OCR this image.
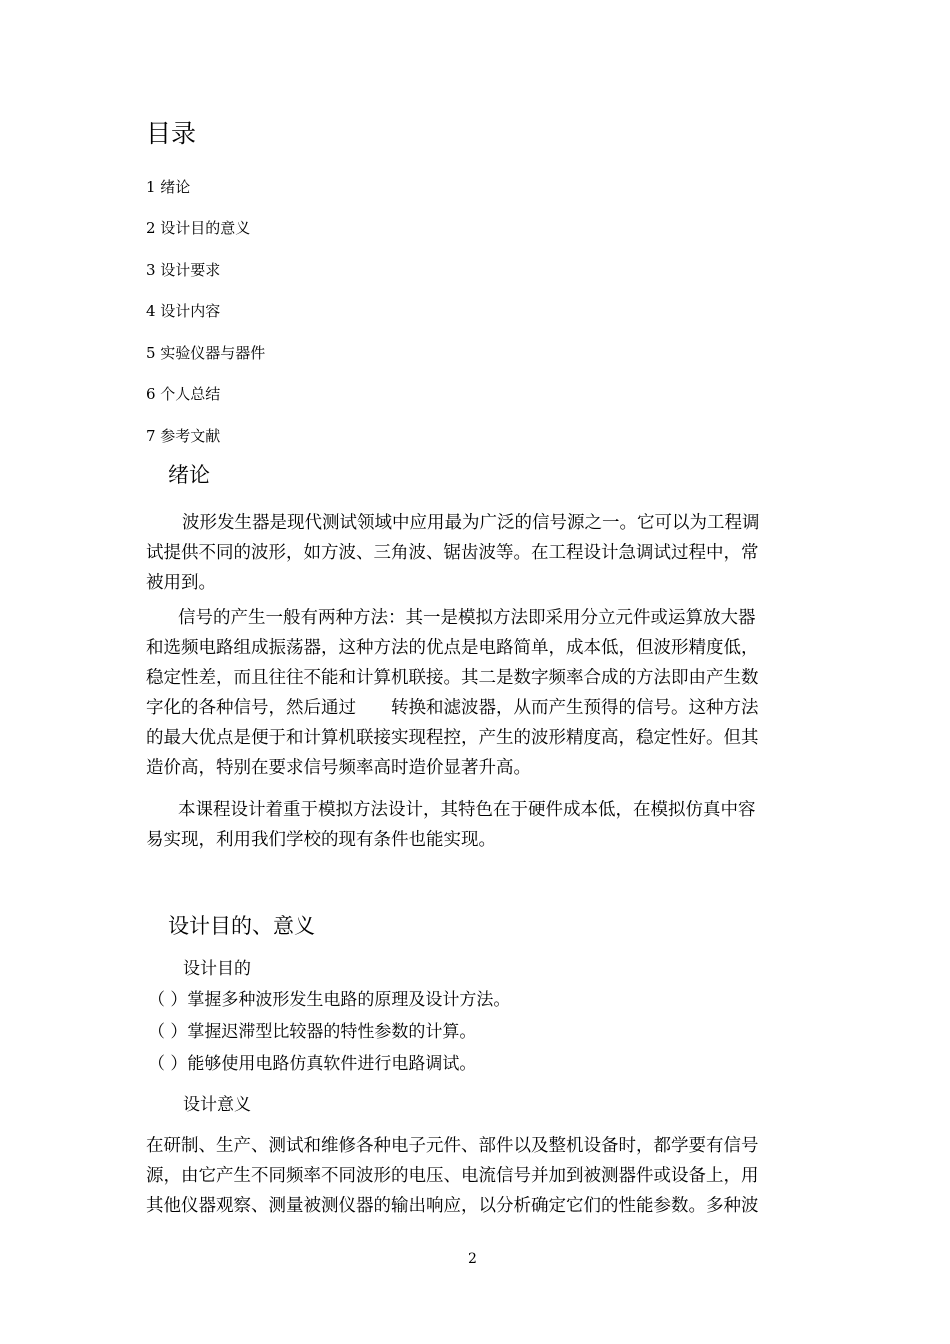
目录
1 绪论
2 设计目的意义
3 设计要求
4 设计内容
5 实验仪器与器件
6 个人总结
7 参考文献
绪论
波形发生器是现代测试领域中应用最为广泛的信号源之一。它可以为工程调
试提供不同的波形，如方波、三角波、锯齿波等。在工程设计急调试过程中，常
被用到。
信号的产生一般有两种方法：其一是模拟方法即采用分立元件或运算放大器
和选频电路组成振荡器，这种方法的优点是电路简单，成本低，但波形精度低，
稳定性差，而且往往不能和计算机联接。其二是数字频率合成的方法即由产生数
字化的各种信号，然后通过　　转换和滤波器，从而产生预得的信号。这种方法
的最大优点是便于和计算机联接实现程控，产生的波形精度高，稳定性好。但其
造价高，特别在要求信号频率高时造价显著升高。
本课程设计着重于模拟方法设计，其特色在于硬件成本低，在模拟仿真中容
易实现，利用我们学校的现有条件也能实现。
设计目的、意义
设计目的
（ ）掌握多种波形发生电路的原理及设计方法。
（ ）掌握迟滞型比较器的特性参数的计算。
（ ）能够使用电路仿真软件进行电路调试。
设计意义
在研制、生产、测试和维修各种电子元件、部件以及整机设备时，都学要有信号
源，由它产生不同频率不同波形的电压、电流信号并加到被测器件或设备上，用
其他仪器观察、测量被测仪器的输出响应，以分析确定它们的性能参数。多种波
2
